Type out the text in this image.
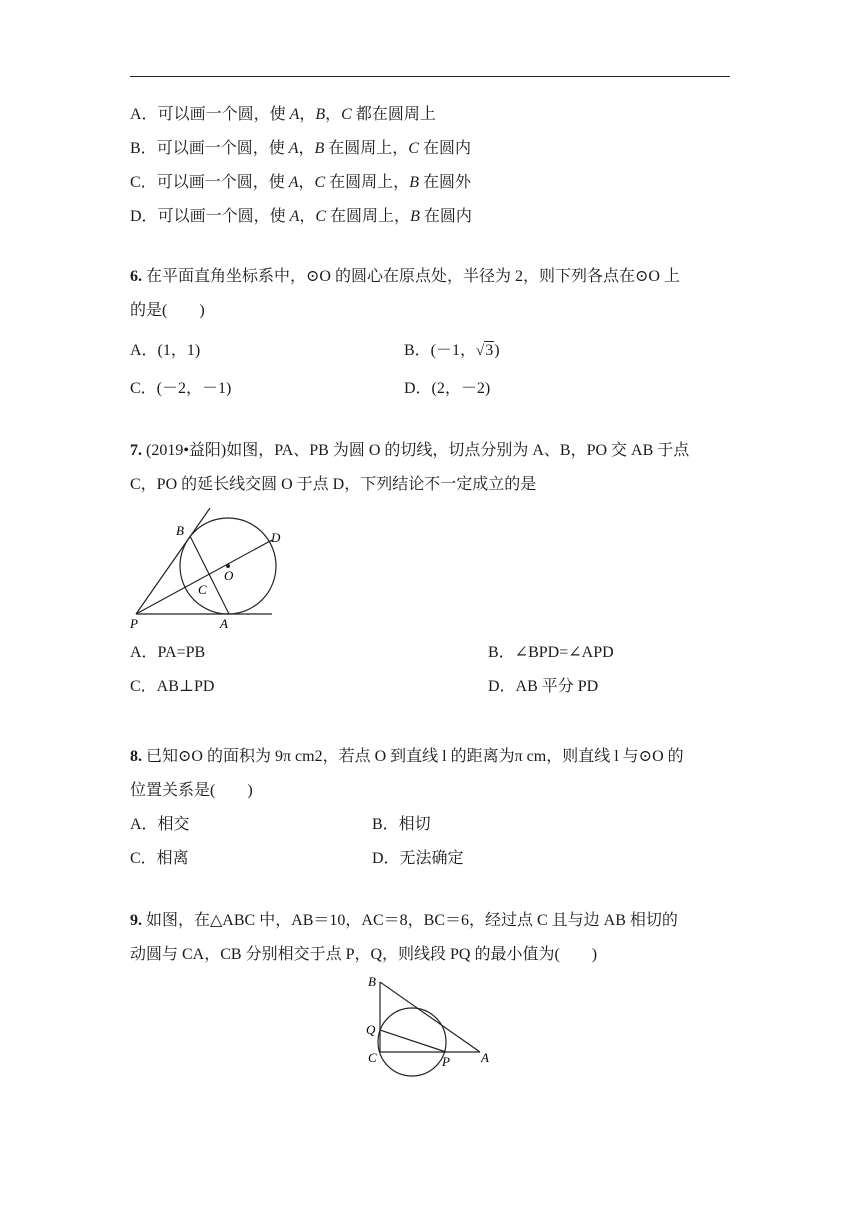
A．可以画一个圆，使 A，B，C 都在圆周上
B．可以画一个圆，使 A，B 在圆周上，C 在圆内
C．可以画一个圆，使 A，C 在圆周上，B 在圆外
D．可以画一个圆，使 A，C 在圆周上，B 在圆内
6. 在平面直角坐标系中，⊙O 的圆心在原点处，半径为 2，则下列各点在⊙O 上
的是(　　)
A．(1，1)	B．(－1，√3)
C．(－2，－1)	D．(2，－2)
7. (2019•益阳)如图，PA、PB 为圆 O 的切线，切点分别为 A、B，PO 交 AB 于点
C，PO 的延长线交圆 O 于点 D，下列结论不一定成立的是
B	D
O
C
P	A
A．PA=PB	B．∠BPD=∠APD
C．AB⊥PD	D．AB 平分 PD
8. 已知⊙O 的面积为 9π cm2，若点 O 到直线 l 的距离为π cm，则直线 l 与⊙O 的
位置关系是(　　)
A．相交	B．相切
C．相离	D．无法确定
9. 如图，在△ABC 中，AB＝10，AC＝8，BC＝6，经过点 C 且与边 AB 相切的
动圆与 CA，CB 分别相交于点 P，Q，则线段 PQ 的最小值为(　　)
B
Q
C	P A
